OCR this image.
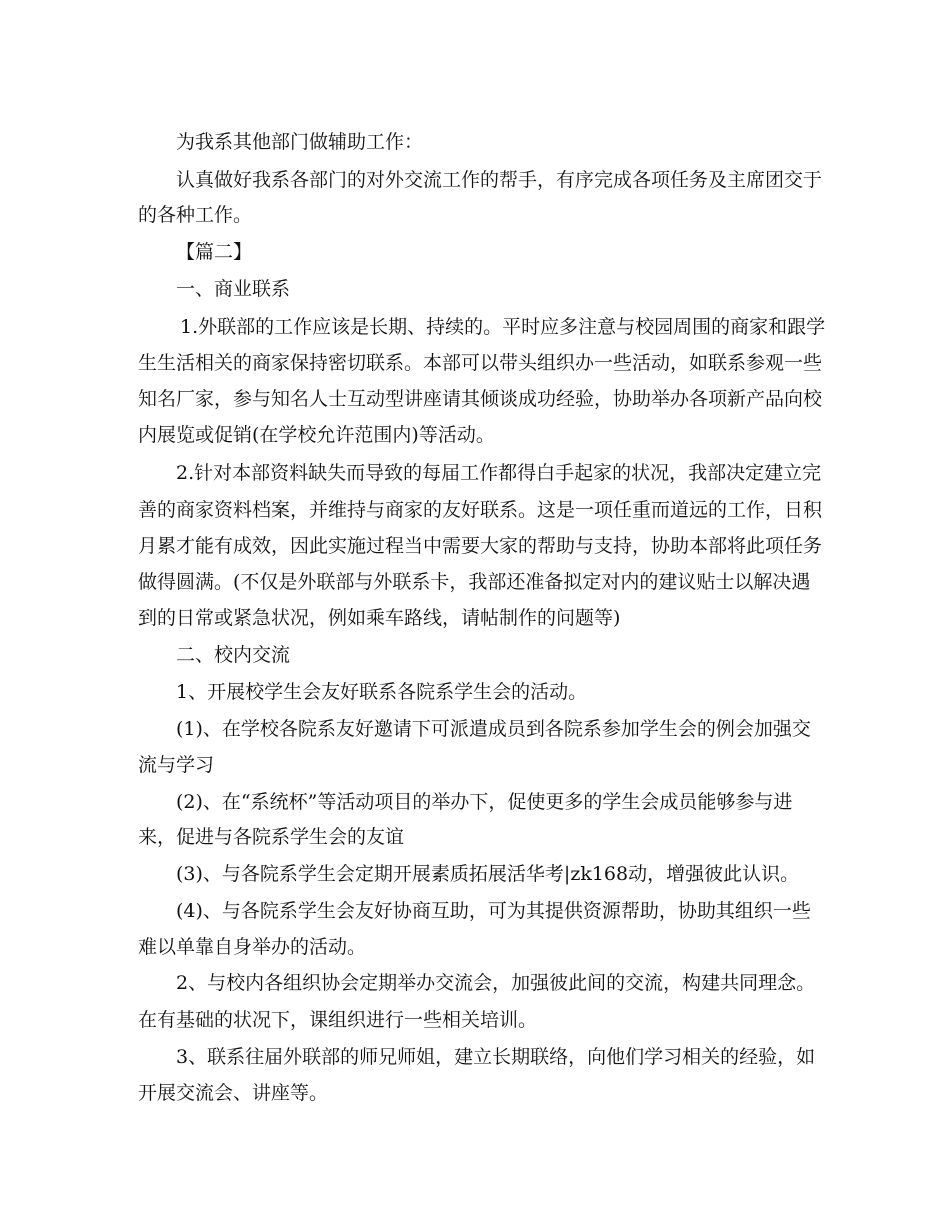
为我系其他部门做辅助工作：
认真做好我系各部门的对外交流工作的帮手，有序完成各项任务及主席团交于
的各种工作。
【篇二】
一、商业联系
1.外联部的工作应该是长期、持续的。平时应多注意与校园周围的商家和跟学
生生活相关的商家保持密切联系。本部可以带头组织办一些活动，如联系参观一些
知名厂家，参与知名人士互动型讲座请其倾谈成功经验，协助举办各项新产品向校
内展览或促销(在学校允许范围内)等活动。
2.针对本部资料缺失而导致的每届工作都得白手起家的状况，我部决定建立完
善的商家资料档案，并维持与商家的友好联系。这是一项任重而道远的工作，日积
月累才能有成效，因此实施过程当中需要大家的帮助与支持，协助本部将此项任务
做得圆满。(不仅是外联部与外联系卡，我部还准备拟定对内的建议贴士以解决遇
到的日常或紧急状况，例如乘车路线，请帖制作的问题等)
二、校内交流
1、开展校学生会友好联系各院系学生会的活动。
(1)、在学校各院系友好邀请下可派遣成员到各院系参加学生会的例会加强交
流与学习
(2)、在“系统杯”等活动项目的举办下，促使更多的学生会成员能够参与进
来，促进与各院系学生会的友谊
(3)、与各院系学生会定期开展素质拓展活华考|zk168动，增强彼此认识。
(4)、与各院系学生会友好协商互助，可为其提供资源帮助，协助其组织一些
难以单靠自身举办的活动。
2、与校内各组织协会定期举办交流会，加强彼此间的交流，构建共同理念。
在有基础的状况下，课组织进行一些相关培训。
3、联系往届外联部的师兄师姐，建立长期联络，向他们学习相关的经验，如
开展交流会、讲座等。
